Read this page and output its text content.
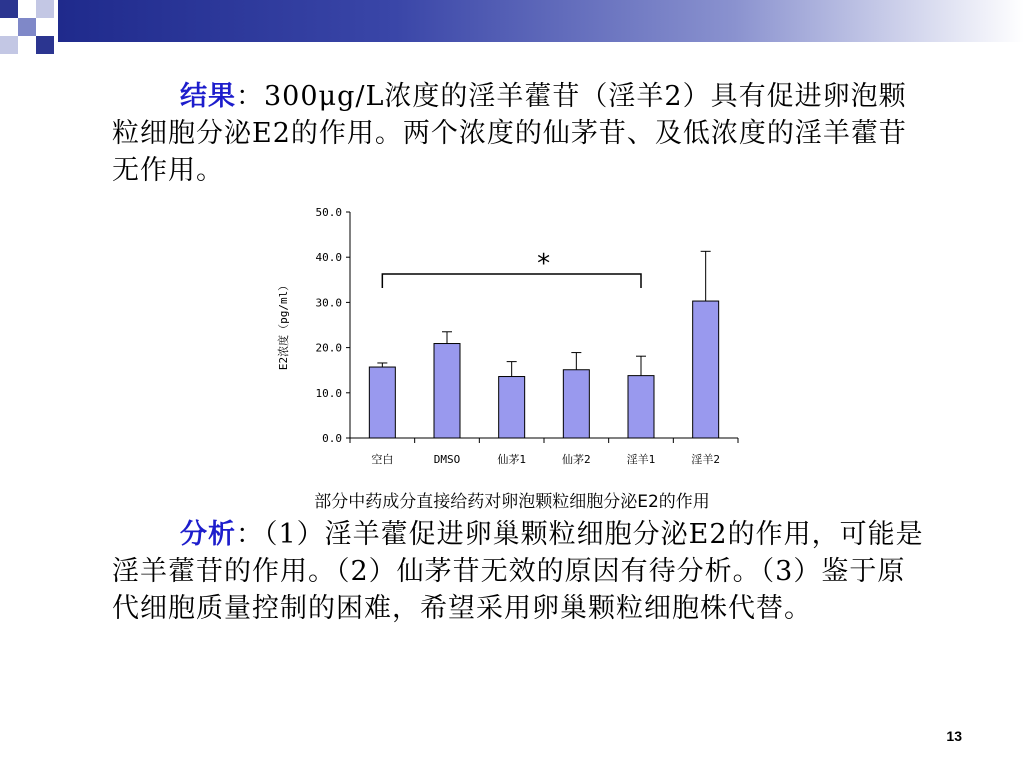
结果：300μg/L浓度的淫羊藿苷（淫羊2）具有促进卵泡颗粒细胞分泌E2的作用。两个浓度的仙茅苷、及低浓度的淫羊藿苷无作用。

E2浓度（pg/ml）
0.0
10.0
20.0
30.0
40.0
50.0
空白	DMSO	仙茅1	仙茅2	淫羊1	淫羊2
*
部分中药成分直接给药对卵泡颗粒细胞分泌E2的作用

分析：（1）淫羊藿促进卵巢颗粒细胞分泌E2的作用，可能是淫羊藿苷的作用。（2）仙茅苷无效的原因有待分析。（3）鉴于原代细胞质量控制的困难，希望采用卵巢颗粒细胞株代替。

13
